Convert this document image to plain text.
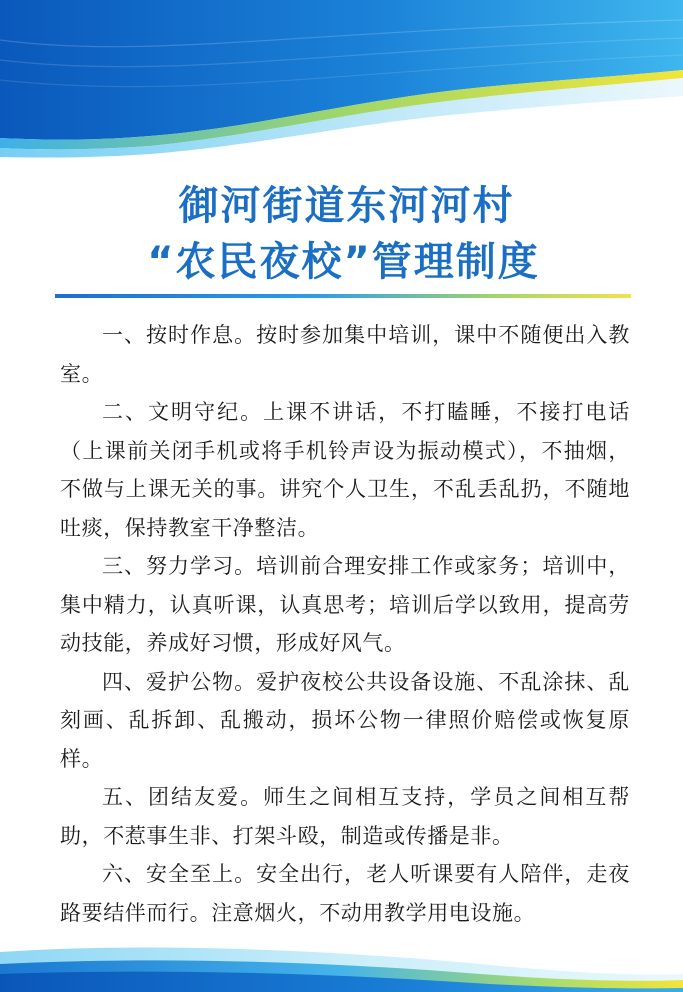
御河街道东河河村
“农民夜校”管理制度

一、按时作息。按时参加集中培训，课中不随便出入教室。

二、文明守纪。上课不讲话，不打瞌睡，不接打电话（上课前关闭手机或将手机铃声设为振动模式），不抽烟，不做与上课无关的事。讲究个人卫生，不乱丢乱扔，不随地吐痰，保持教室干净整洁。

三、努力学习。培训前合理安排工作或家务；培训中，集中精力，认真听课，认真思考；培训后学以致用，提高劳动技能，养成好习惯，形成好风气。

四、爱护公物。爱护夜校公共设备设施、不乱涂抹、乱刻画、乱拆卸、乱搬动，损坏公物一律照价赔偿或恢复原样。

五、团结友爱。师生之间相互支持，学员之间相互帮助，不惹事生非、打架斗殴，制造或传播是非。

六、安全至上。安全出行，老人听课要有人陪伴，走夜路要结伴而行。注意烟火，不动用教学用电设施。
